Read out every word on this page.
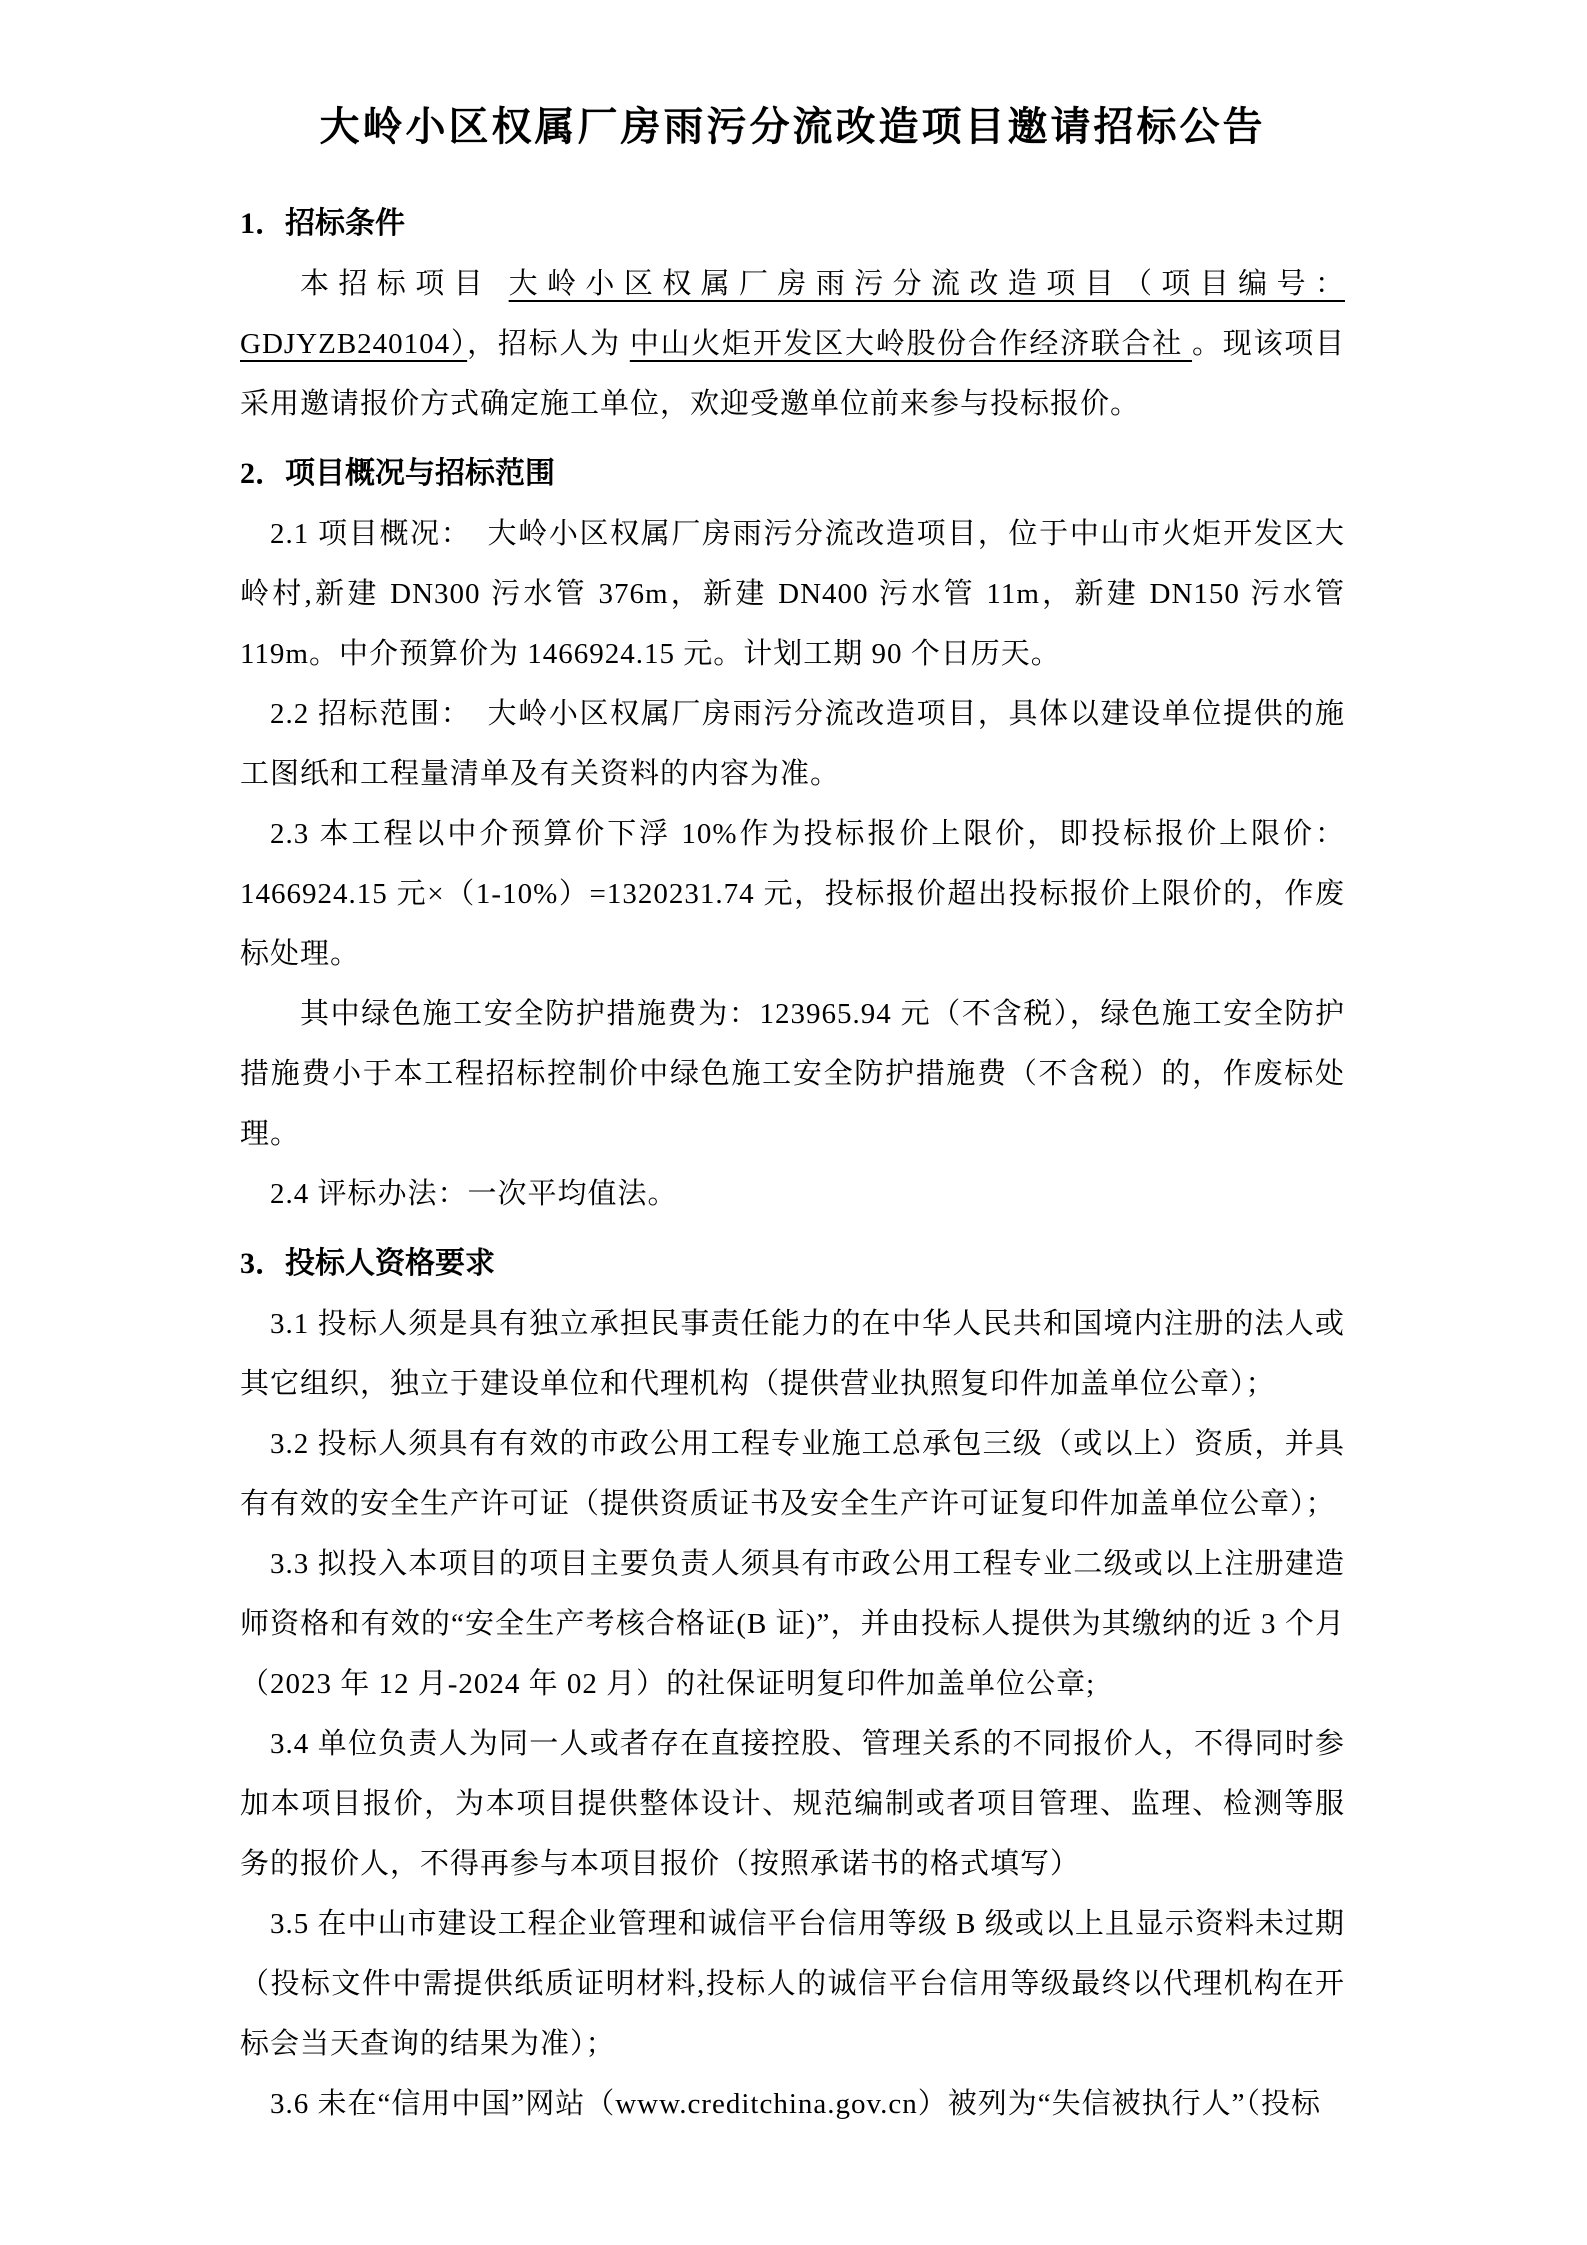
大岭小区权属厂房雨污分流改造项目邀请招标公告
1．招标条件

本招标项目 大岭小区权属厂房雨污分流改造项目（项目编号：GDJYZB240104），招标人为 中山火炬开发区大岭股份合作经济联合社 。现该项目采用邀请报价方式确定施工单位，欢迎受邀单位前来参与投标报价。

2．项目概况与招标范围

2.1 项目概况：　大岭小区权属厂房雨污分流改造项目，位于中山市火炬开发区大岭村,新建 DN300 污水管 376m，新建 DN400 污水管 11m，新建 DN150 污水管 119m。中介预算价为 1466924.15 元。计划工期 90 个日历天。

2.2 招标范围：　大岭小区权属厂房雨污分流改造项目，具体以建设单位提供的施工图纸和工程量清单及有关资料的内容为准。

2.3 本工程以中介预算价下浮 10%作为投标报价上限价，即投标报价上限价：1466924.15 元×（1-10%）=1320231.74 元，投标报价超出投标报价上限价的，作废标处理。

其中绿色施工安全防护措施费为：123965.94 元（不含税），绿色施工安全防护措施费小于本工程招标控制价中绿色施工安全防护措施费（不含税）的，作废标处理。

2.4 评标办法：一次平均值法。

3．投标人资格要求

3.1 投标人须是具有独立承担民事责任能力的在中华人民共和国境内注册的法人或其它组织，独立于建设单位和代理机构（提供营业执照复印件加盖单位公章）；

3.2 投标人须具有有效的市政公用工程专业施工总承包三级（或以上）资质，并具有有效的安全生产许可证（提供资质证书及安全生产许可证复印件加盖单位公章）；

3.3 拟投入本项目的项目主要负责人须具有市政公用工程专业二级或以上注册建造师资格和有效的“安全生产考核合格证(B 证)”，并由投标人提供为其缴纳的近 3 个月（2023 年 12 月-2024 年 02 月）的社保证明复印件加盖单位公章;

3.4 单位负责人为同一人或者存在直接控股、管理关系的不同报价人，不得同时参加本项目报价，为本项目提供整体设计、规范编制或者项目管理、监理、检测等服务的报价人，不得再参与本项目报价（按照承诺书的格式填写）

3.5 在中山市建设工程企业管理和诚信平台信用等级 B 级或以上且显示资料未过期（投标文件中需提供纸质证明材料,投标人的诚信平台信用等级最终以代理机构在开标会当天查询的结果为准）；

3.6 未在“信用中国”网站（www.creditchina.gov.cn）被列为“失信被执行人”（投标
